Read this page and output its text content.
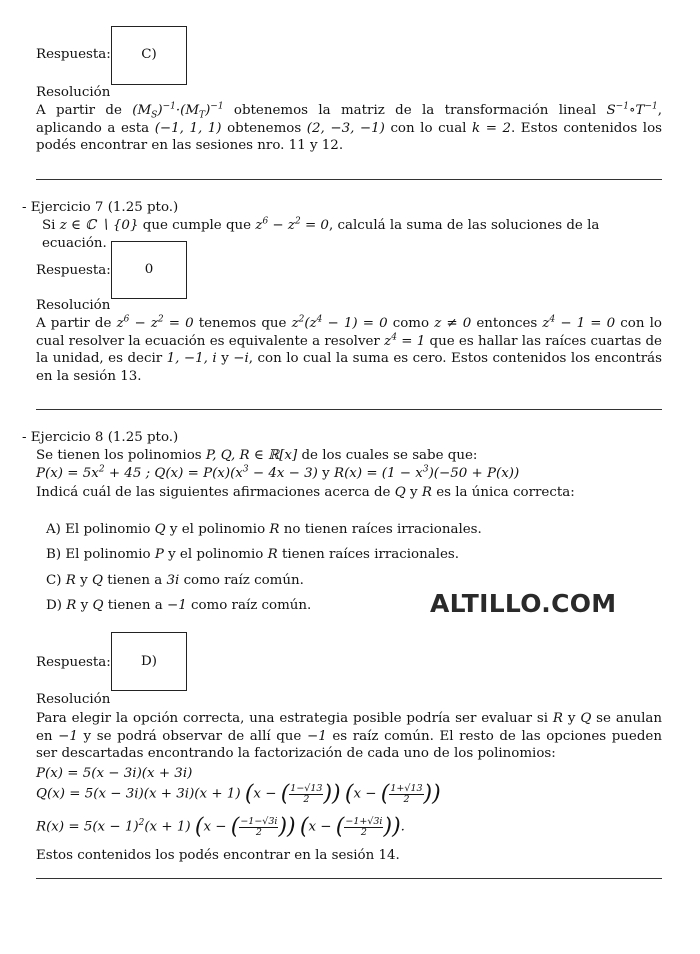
Respuesta:	C)
Resolución
A partir de $(M_S)^{-1}\cdot(M_T)^{-1}$ obtenemos la matriz de la transformación lineal $S^{-1}\circ T^{-1}$, aplicando a esta (−1, 1, 1) obtenemos (2, −3, −1) con lo cual k = 2. Estos contenidos los podés encontrar en las sesiones nro. 11 y 12.
- Ejercicio 7 (1.25 pto.)
Si z ∈ ℂ ∖ {0} que cumple que $z^6 - z^2 = 0$, calculá la suma de las soluciones de la ecuación.
Respuesta:	0
Resolución
A partir de $z^6 - z^2 = 0$ tenemos que $z^2(z^4 - 1) = 0$ como z ≠ 0 entonces $z^4 - 1 = 0$ con lo cual resolver la ecuación es equivalente a resolver $z^4 = 1$ que es hallar las raíces cuartas de la unidad, es decir 1, −1, i y −i, con lo cual la suma es cero. Estos contenidos los encontrás en la sesión 13.
- Ejercicio 8 (1.25 pto.)
Se tienen los polinomios P, Q, R ∈ ℝ[x] de los cuales se sabe que:
$P(x) = 5x^2 + 45$ ; $Q(x) = P(x)(x^3 - 4x - 3)$ y $R(x) = (1 - x^3)(-50 + P(x))$
Indicá cuál de las siguientes afirmaciones acerca de Q y R es la única correcta:
A) El polinomio Q y el polinomio R no tienen raíces irracionales.
B) El polinomio P y el polinomio R tienen raíces irracionales.
C) R y Q tienen a 3i como raíz común.
D) R y Q tienen a −1 como raíz común.	ALTILLO.COM
Respuesta:	D)
Resolución
Para elegir la opción correcta, una estrategia posible podría ser evaluar si R y Q se anulan en −1 y se podrá observar de allí que −1 es raíz común. El resto de las opciones pueden ser descartadas encontrando la factorización de cada uno de los polinomios:
P(x) = 5(x − 3i)(x + 3i)
Q(x) = 5(x − 3i)(x + 3i)(x + 1) (x − ( $\frac{1-√13}{2}$ )) (x − ( $\frac{1+√13}{2}$ ))
$R(x) = 5(x - 1)^2(x + 1)$ (x − ( $\frac{-1-√3i}{2}$ )) (x − ( $\frac{-1+√3i}{2}$ )).
Estos contenidos los podés encontrar en la sesión 14.
